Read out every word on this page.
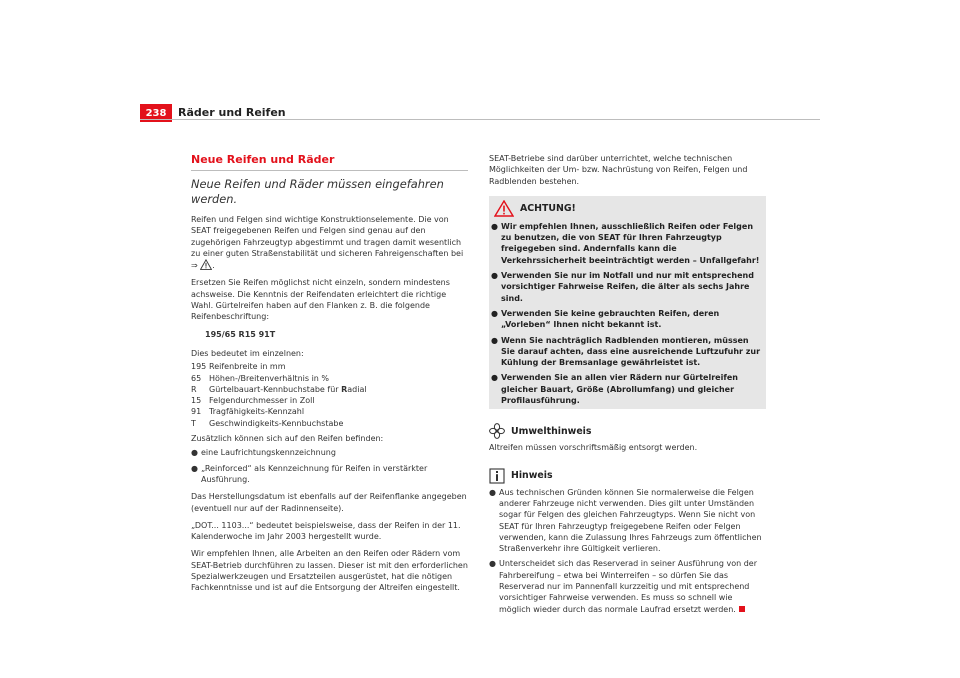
238	Räder und Reifen
Neue Reifen und Räder
Neue Reifen und Räder müssen eingefahren werden.

Reifen und Felgen sind wichtige Konstruktionselemente. Die von SEAT freigegebenen Reifen und Felgen sind genau auf den zugehörigen Fahrzeugtyp abgestimmt und tragen damit wesentlich zu einer guten Straßenstabilität und sicheren Fahreigenschaften bei ⇒ .

Ersetzen Sie Reifen möglichst nicht einzeln, sondern mindestens achsweise. Die Kenntnis der Reifendaten erleichtert die richtige Wahl. Gürtelreifen haben auf den Flanken z. B. die folgende Reifenbeschriftung:

195/65 R15 91T

Dies bedeutet im einzelnen:

195 Reifenbreite in mm
65 Höhen-/Breitenverhältnis in %
R	Gürtelbauart-Kennbuchstabe für Radial
15 Felgendurchmesser in Zoll
91 Tragfähigkeits-Kennzahl
T	Geschwindigkeits-Kennbuchstabe

Zusätzlich können sich auf den Reifen befinden:

● eine Laufrichtungskennzeichnung
● „Reinforced“ als Kennzeichnung für Reifen in verstärkter Ausführung.

Das Herstellungsdatum ist ebenfalls auf der Reifenflanke angegeben (eventuell nur auf der Radinnenseite).

„DOT... 1103...“ bedeutet beispielsweise, dass der Reifen in der 11. Kalenderwoche im Jahr 2003 hergestellt wurde.

Wir empfehlen Ihnen, alle Arbeiten an den Reifen oder Rädern vom SEAT-Betrieb durchführen zu lassen. Dieser ist mit den erforderlichen Spezialwerkzeugen und Ersatzteilen ausgerüstet, hat die nötigen Fachkenntnisse und ist auf die Entsorgung der Altreifen eingestellt.

SEAT-Betriebe sind darüber unterrichtet, welche technischen Möglichkeiten der Um- bzw. Nachrüstung von Reifen, Felgen und Radblenden bestehen.

ACHTUNG!
● Wir empfehlen Ihnen, ausschließlich Reifen oder Felgen zu benutzen, die von SEAT für Ihren Fahrzeugtyp freigegeben sind. Andernfalls kann die Verkehrssicherheit beeinträchtigt werden – Unfallgefahr!
● Verwenden Sie nur im Notfall und nur mit entsprechend vorsichtiger Fahrweise Reifen, die älter als sechs Jahre sind.
● Verwenden Sie keine gebrauchten Reifen, deren „Vorleben“ Ihnen nicht bekannt ist.
● Wenn Sie nachträglich Radblenden montieren, müssen Sie darauf achten, dass eine ausreichende Luftzufuhr zur Kühlung der Bremsanlage gewährleistet ist.
● Verwenden Sie an allen vier Rädern nur Gürtelreifen gleicher Bauart, Größe (Abrollumfang) und gleicher Profilausführung.
Umwelthinweis

Altreifen müssen vorschriftsmäßig entsorgt werden.

Hinweis
● Aus technischen Gründen können Sie normalerweise die Felgen anderer Fahrzeuge nicht verwenden. Dies gilt unter Umständen sogar für Felgen des gleichen Fahrzeugtyps. Wenn Sie nicht von SEAT für Ihren Fahrzeugtyp freigegebene Reifen oder Felgen verwenden, kann die Zulassung Ihres Fahrzeugs zum öffentlichen Straßenverkehr ihre Gültigkeit verlieren.
● Unterscheidet sich das Reserverad in seiner Ausführung von der Fahrbereifung – etwa bei Winterreifen – so dürfen Sie das Reserverad nur im Pannenfall kurzzeitig und mit entsprechend vorsichtiger Fahrweise verwenden. Es muss so schnell wie möglich wieder durch das normale Laufrad ersetzt werden.
